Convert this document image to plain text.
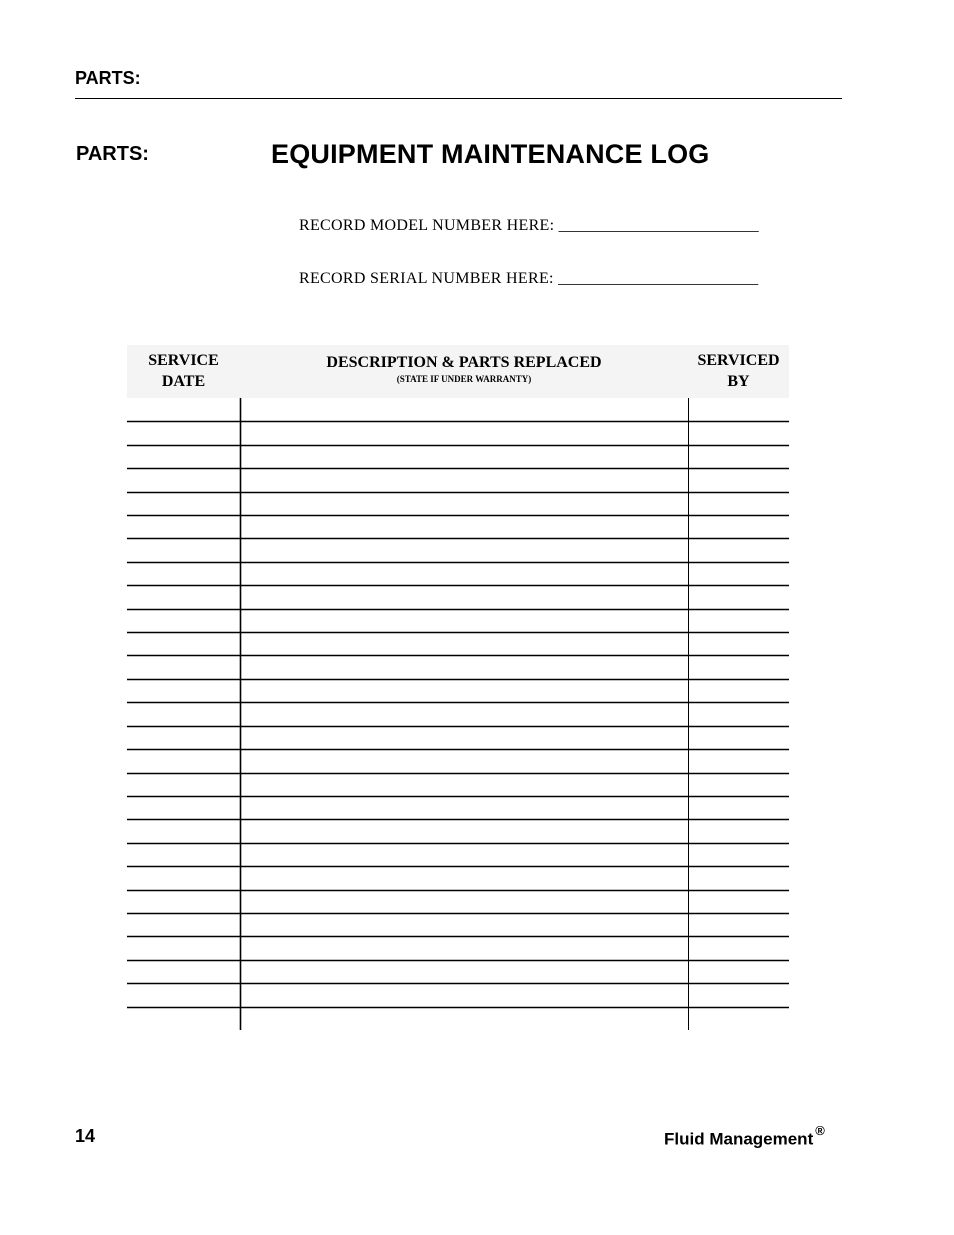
PARTS:
PARTS:	EQUIPMENT MAINTENANCE LOG
RECORD MODEL NUMBER HERE: _________________________
RECORD SERIAL NUMBER HERE: _________________________
SERVICE
DATE
DESCRIPTION & PARTS REPLACED
(STATE IF UNDER WARRANTY)
SERVICED
BY
14	Fluid Management ®
